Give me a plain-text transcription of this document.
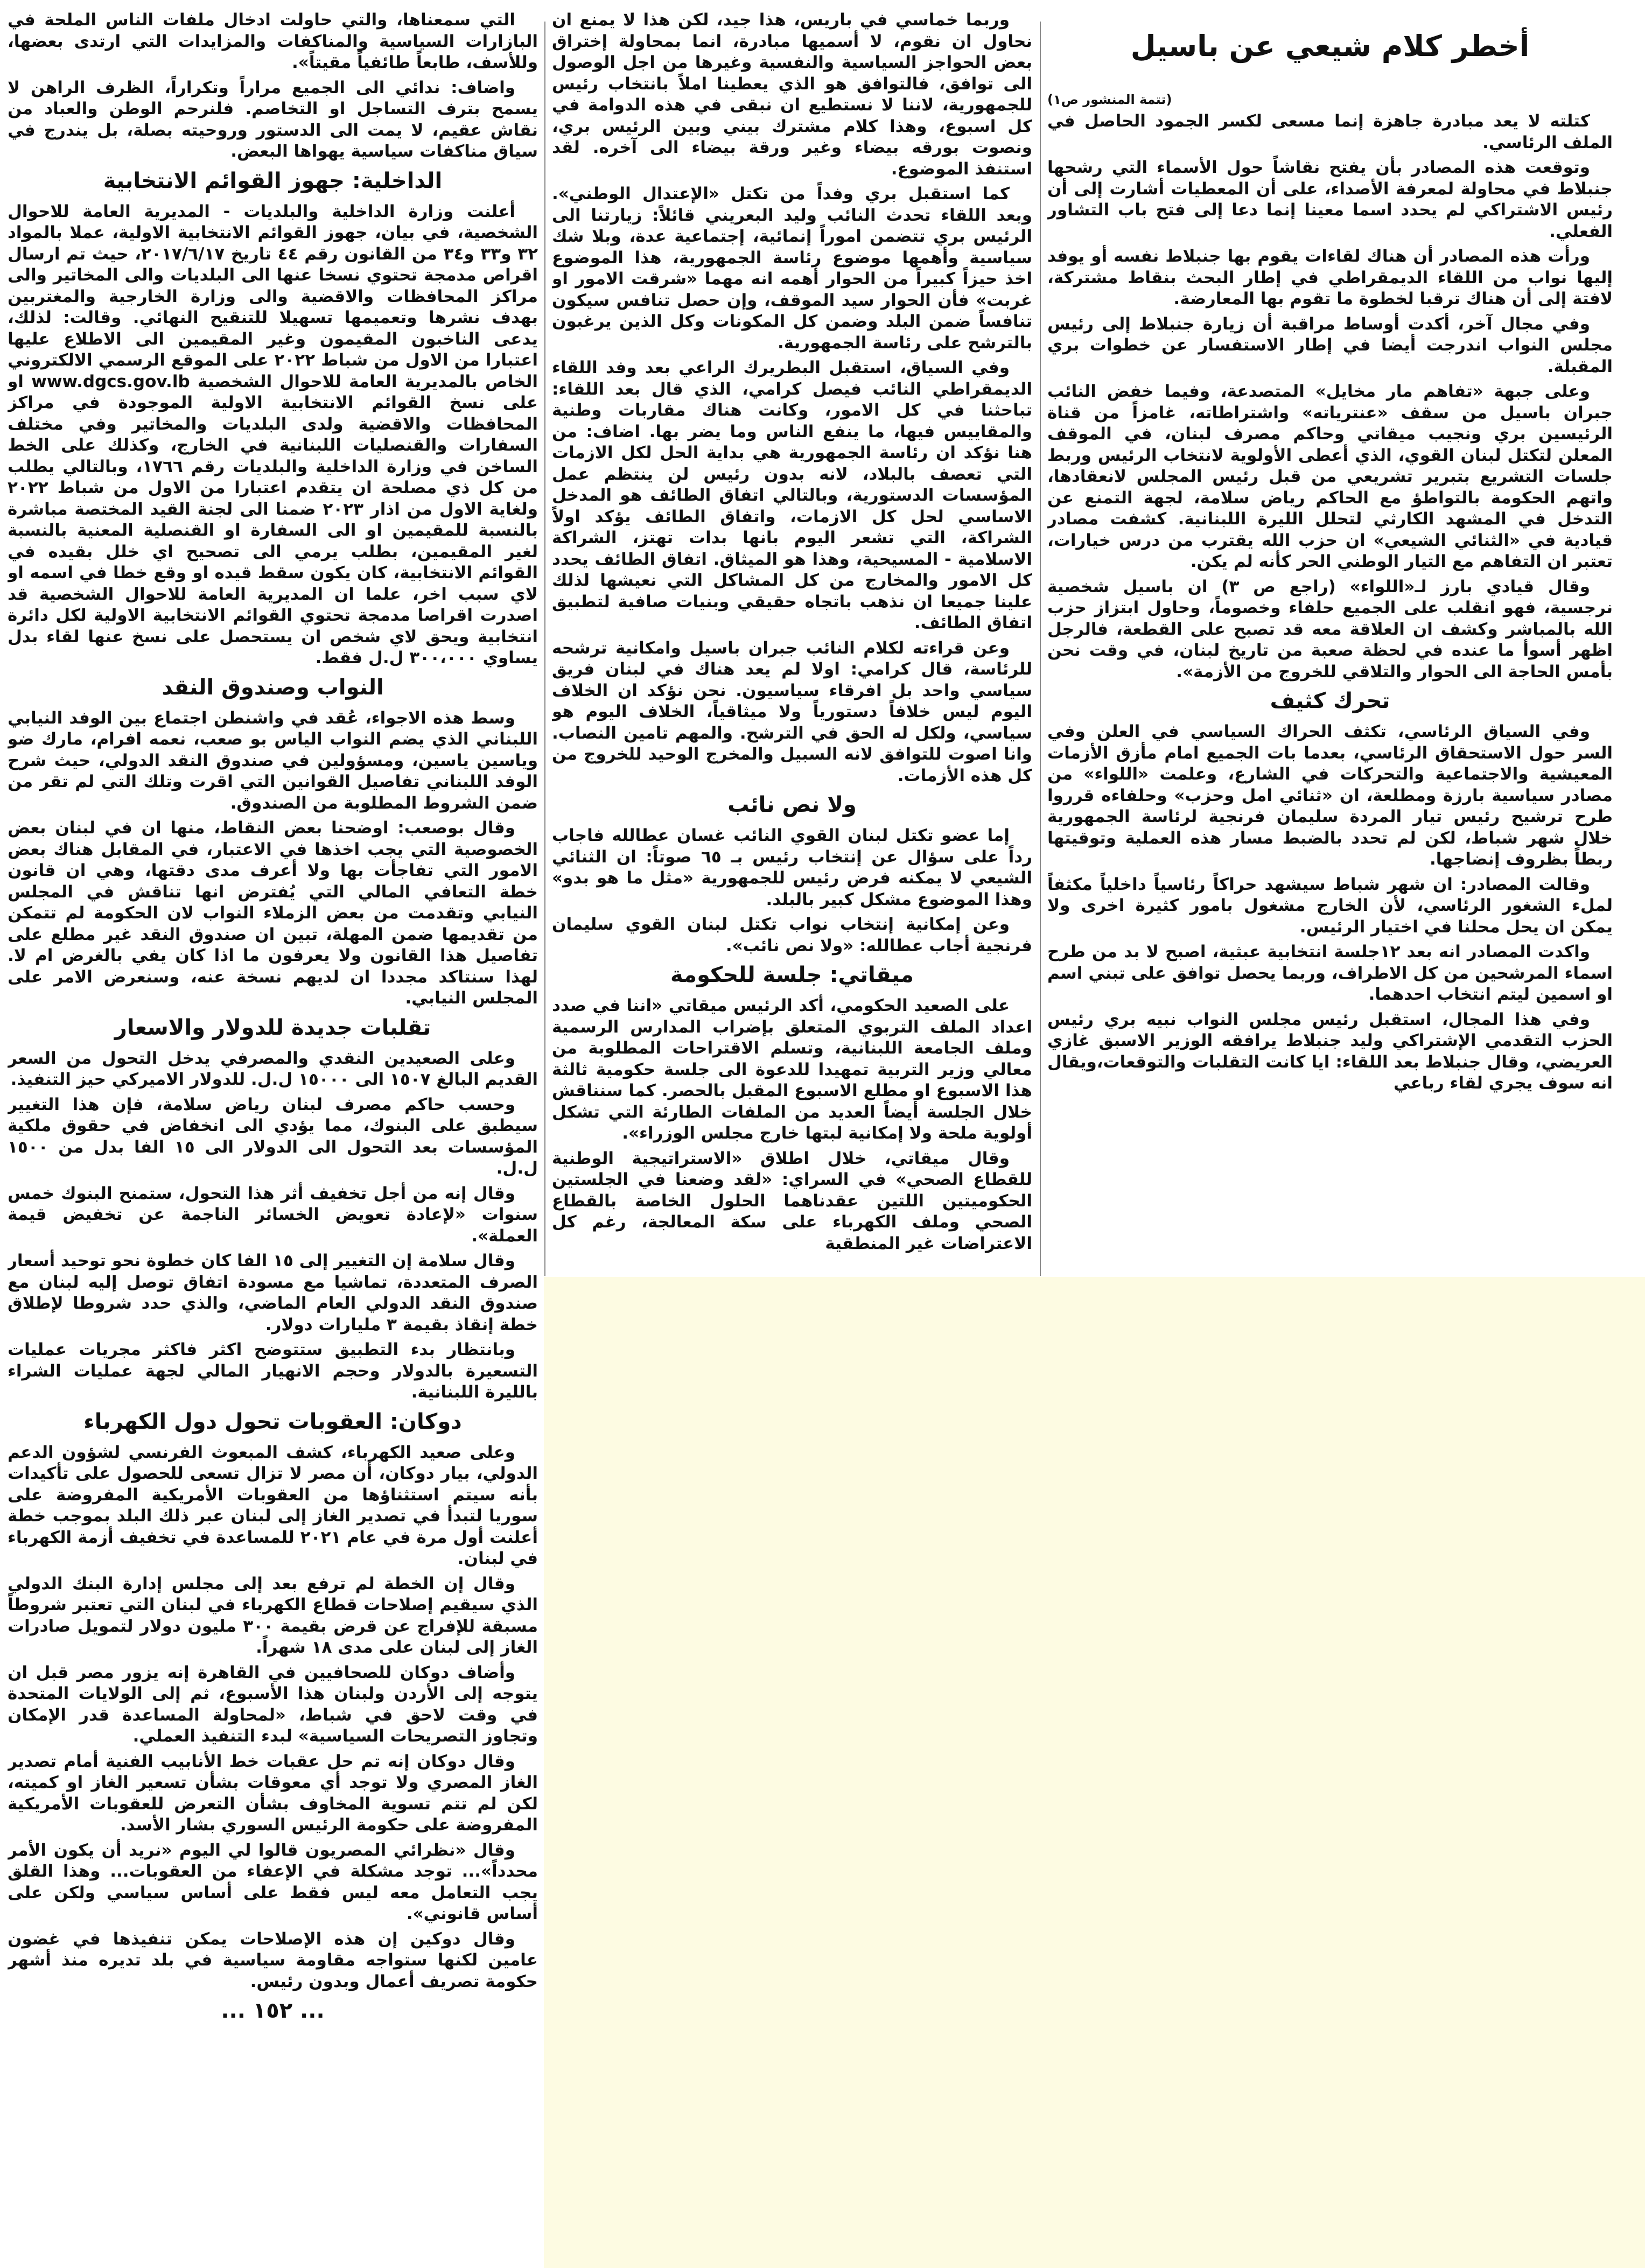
أخطر كلام شيعي عن باسيل

(تتمة المنشور ص١)

كتلته لا يعد مبادرة جاهزة إنما مسعى لكسر الجمود الحاصل في الملف الرئاسي.

وتوقعت هذه المصادر بأن يفتح نقاشاً حول الأسماء التي رشحها جنبلاط في محاولة لمعرفة الأصداء، على أن المعطيات أشارت إلى أن رئيس الاشتراكي لم يحدد اسما معينا إنما دعا إلى فتح باب التشاور الفعلي.

ورأت هذه المصادر أن هناك لقاءات يقوم بها جنبلاط نفسه أو يوفد إليها نواب من اللقاء الديمقراطي في إطار البحث بنقاط مشتركة، لافتة إلى أن هناك ترقبا لخطوة ما تقوم بها المعارضة.

وفي مجال آخر، أكدت أوساط مراقبة أن زيارة جنبلاط إلى رئيس مجلس النواب اندرجت أيضا في إطار الاستفسار عن خطوات بري المقبلة.

وعلى جبهة «تفاهم مار مخايل» المتصدعة، وفيما خفض النائب جبران باسيل من سقف «عنترياته» واشتراطاته، غامزاً من قناة الرئيسين بري ونجيب ميقاتي وحاكم مصرف لبنان، في الموقف المعلن لتكتل لبنان القوي، الذي أعطى الأولوية لانتخاب الرئيس وربط جلسات التشريع بتبرير تشريعي من قبل رئيس المجلس لانعقادها، واتهم الحكومة بالتواطؤ مع الحاكم رياض سلامة، لجهة التمنع عن التدخل في المشهد الكارثي لتحلل الليرة اللبنانية. كشفت مصادر قيادية في «الثنائي الشيعي» ان حزب الله يقترب من درس خيارات، تعتبر ان التفاهم مع التيار الوطني الحر كأنه لم يكن.

وقال قيادي بارز لـ«اللواء» (راجع ص ٣) ان باسيل شخصية نرجسية، فهو انقلب على الجميع حلفاء وخصوماً، وحاول ابتزاز حزب الله بالمباشر وكشف ان العلاقة معه قد تصبح على القطعة، فالرجل اظهر أسوأ ما عنده في لحظة صعبة من تاريخ لبنان، في وقت نحن بأمس الحاجة الى الحوار والتلاقي للخروج من الأزمة».

تحرك كثيف

وفي السياق الرئاسي، تكثف الحراك السياسي في العلن وفي السر حول الاستحقاق الرئاسي، بعدما بات الجميع امام مأزق الأزمات المعيشية والاجتماعية والتحركات في الشارع، وعلمت «اللواء» من مصادر سياسية بارزة ومطلعة، ان «ثنائي امل وحزب» وحلفاءه قرروا طرح ترشيح رئيس تيار المردة سليمان فرنجية لرئاسة الجمهورية خلال شهر شباط، لكن لم تحدد بالضبط مسار هذه العملية وتوقيتها ربطاً بظروف إنضاجها.

وقالت المصادر: ان شهر شباط سيشهد حراكاً رئاسياً داخلياً مكثفاً لملء الشغور الرئاسي، لأن الخارج مشغول بامور كثيرة اخرى ولا يمكن ان يحل محلنا في اختيار الرئيس.

واكدت المصادر انه بعد ١٢جلسة انتخابية عبثية، اصبح لا بد من طرح اسماء المرشحين من كل الاطراف، وربما يحصل توافق على تبني اسم او اسمين ليتم انتخاب احدهما.

وفي هذا المجال، استقبل رئيس مجلس النواب نبيه بري رئيس الحزب التقدمي الإشتراكي وليد جنبلاط يرافقه الوزير الاسبق غازي العريضي، وقال جنبلاط بعد اللقاء: ايا كانت التقلبات والتوقعات،ويقال انه سوف يجري لقاء رباعي

وربما خماسي في باريس، هذا جيد، لكن هذا لا يمنع ان نحاول ان نقوم، لا أسميها مبادرة، انما بمحاولة إختراق بعض الحواجز السياسية والنفسية وغيرها من اجل الوصول الى توافق، فالتوافق هو الذي يعطينا املاً بانتخاب رئيس للجمهورية، لاننا لا نستطيع ان نبقى في هذه الدوامة في كل اسبوع، وهذا كلام مشترك بيني وبين الرئيس بري، ونصوت بورقه بيضاء وغير ورقة بيضاء الى آخره. لقد استنفذ الموضوع.

كما استقبل بري وفداً من تكتل «الإعتدال الوطني». وبعد اللقاء تحدث النائب وليد البعريني قائلاً: زيارتنا الى الرئيس بري تتضمن اموراً إنمائية، إجتماعية عدة، وبلا شك سياسية وأهمها موضوع رئاسة الجمهورية، هذا الموضوع اخذ حيزاً كبيراً من الحوار أهمه انه مهما «شرقت الامور او غربت» فأن الحوار سيد الموقف، وإن حصل تنافس سيكون تنافساً ضمن البلد وضمن كل المكونات وكل الذين يرغبون بالترشح على رئاسة الجمهورية.

وفي السياق، استقبل البطريرك الراعي بعد وفد اللقاء الديمقراطي النائب فيصل كرامي، الذي قال بعد اللقاء: تباحثنا في كل الامور، وكانت هناك مقاربات وطنية والمقاييس فيها، ما ينفع الناس وما يضر بها. اضاف: من هنا نؤكد ان رئاسة الجمهورية هي بداية الحل لكل الازمات التي تعصف بالبلاد، لانه بدون رئيس لن ينتظم عمل المؤسسات الدستورية، وبالتالي اتفاق الطائف هو المدخل الاساسي لحل كل الازمات، واتفاق الطائف يؤكد اولاً الشراكة، التي تشعر اليوم بانها بدات تهتز، الشراكة الاسلامية - المسيحية، وهذا هو الميثاق. اتفاق الطائف يحدد كل الامور والمخارج من كل المشاكل التي نعيشها لذلك علينا جميعا ان نذهب باتجاه حقيقي وبنيات صافية لتطبيق اتفاق الطائف.

وعن قراءته لكلام النائب جبران باسيل وامكانية ترشحه للرئاسة، قال كرامي: اولا لم يعد هناك في لبنان فريق سياسي واحد بل افرقاء سياسيون. نحن نؤكد ان الخلاف اليوم ليس خلافاً دستورياً ولا ميثاقياً، الخلاف اليوم هو سياسي، ولكل له الحق في الترشح. والمهم تامين النصاب. وانا اصوت للتوافق لانه السبيل والمخرج الوحيد للخروج من كل هذه الأزمات.

ولا نص نائب

إما عضو تكتل لبنان القوي النائب غسان عطالله فاجاب رداً على سؤال عن إنتخاب رئيس بـ ٦٥ صوتاً: ان الثنائي الشيعي لا يمكنه فرض رئيس للجمهورية «مثل ما هو بدو» وهذا الموضوع مشكل كبير بالبلد.

وعن إمكانية إنتخاب نواب تكتل لبنان القوي سليمان فرنجية أجاب عطالله: «ولا نص نائب».

ميقاتي: جلسة للحكومة

على الصعيد الحكومي، أكد الرئيس ميقاتي «اننا في صدد اعداد الملف التربوي المتعلق بإضراب المدارس الرسمية وملف الجامعة اللبنانية، وتسلم الاقتراحات المطلوبة من معالي وزير التربية تمهيدا للدعوة الى جلسة حكومية ثالثة هذا الاسبوع او مطلع الاسبوع المقبل بالحصر. كما سنناقش خلال الجلسة أيضاً العديد من الملفات الطارئة التي تشكل أولوية ملحة ولا إمكانية لبتها خارج مجلس الوزراء».

وقال ميقاتي، خلال اطلاق «الاستراتيجية الوطنية للقطاع الصحي» في السراي: «لقد وضعنا في الجلستين الحكوميتين اللتين عقدناهما الحلول الخاصة بالقطاع الصحي وملف الكهرباء على سكة المعالجة، رغم كل الاعتراضات غير المنطقية

التي سمعناها، والتي حاولت ادخال ملفات الناس الملحة في البازارات السياسية والمناكفات والمزايدات التي ارتدى بعضها، وللأسف، طابعاً طائفياً مقيتاً».

واضاف: ندائي الى الجميع مراراً وتكراراً، الظرف الراهن لا يسمح بترف التساجل او التخاصم. فلنرحم الوطن والعباد من نقاش عقيم، لا يمت الى الدستور وروحيته بصلة، بل يندرج في سياق مناكفات سياسية يهواها البعض.

الداخلية: جهوز القوائم الانتخابية

أعلنت وزارة الداخلية والبلديات - المديرية العامة للاحوال الشخصية، في بيان، جهوز القوائم الانتخابية الاولية، عملا بالمواد ٣٢ و٣٣ و٣٤ من القانون رقم ٤٤ تاريخ ٢٠١٧/٦/١٧، حيث تم ارسال اقراص مدمجة تحتوي نسخا عنها الى البلديات والى المخاتير والى مراكز المحافظات والاقضية والى وزارة الخارجية والمغتربين بهدف نشرها وتعميمها تسهيلا للتنقيح النهائي. وقالت: لذلك، يدعى الناخبون المقيمون وغير المقيمين الى الاطلاع عليها اعتبارا من الاول من شباط ٢٠٢٢ على الموقع الرسمي الالكتروني الخاص بالمديرية العامة للاحوال الشخصية www.dgcs.gov.lb او على نسخ القوائم الانتخابية الاولية الموجودة في مراكز المحافظات والاقضية ولدى البلديات والمخاتير وفي مختلف السفارات والقنصليات اللبنانية في الخارج، وكذلك على الخط الساخن في وزارة الداخلية والبلديات رقم ١٧٦٦، وبالتالي يطلب من كل ذي مصلحة ان يتقدم اعتبارا من الاول من شباط ٢٠٢٢ ولغاية الاول من اذار ٢٠٢٣ ضمنا الى لجنة القيد المختصة مباشرة بالنسبة للمقيمين او الى السفارة او القنصلية المعنية بالنسبة لغير المقيمين، بطلب يرمي الى تصحيح اي خلل بقيده في القوائم الانتخابية، كان يكون سقط قيده او وقع خطا في اسمه او لاي سبب اخر، علما ان المديرية العامة للاحوال الشخصية قد اصدرت اقراصا مدمجة تحتوي القوائم الانتخابية الاولية لكل دائرة انتخابية ويحق لاي شخص ان يستحصل على نسخ عنها لقاء بدل يساوي ٣٠٠،٠٠٠ ل.ل فقط.

النواب وصندوق النقد

وسط هذه الاجواء، عُقد في واشنطن اجتماع بين الوفد النيابي اللبناني الذي يضم النواب الياس بو صعب، نعمه افرام، مارك ضو وياسين ياسين، ومسؤولين في صندوق النقد الدولي، حيث شرح الوفد اللبناني تفاصيل القوانين التي اقرت وتلك التي لم تقر من ضمن الشروط المطلوبة من الصندوق.

وقال بوصعب: اوضحنا بعض النقاط، منها ان في لبنان بعض الخصوصية التي يجب اخذها في الاعتبار، في المقابل هناك بعض الامور التي تفاجأت بها ولا أعرف مدى دقتها، وهي ان قانون خطة التعافي المالي التي يُفترض انها تناقش في المجلس النيابي وتقدمت من بعض الزملاء النواب لان الحكومة لم تتمكن من تقديمها ضمن المهلة، تبين ان صندوق النقد غير مطلع على تفاصيل هذا القانون ولا يعرفون ما اذا كان يفي بالغرض ام لا. لهذا سنتاكد مجددا ان لديهم نسخة عنه، وسنعرض الامر على المجلس النيابي.

تقلبات جديدة للدولار والاسعار

وعلى الصعيدين النقدي والمصرفي يدخل التحول من السعر القديم البالغ ١٥٠٧ الى ١٥٠٠٠ ل.ل. للدولار الاميركي حيز التنفيذ.

وحسب حاكم مصرف لبنان رياض سلامة، فإن هذا التغيير سيطبق على البنوك، مما يؤدي الى انخفاض في حقوق ملكية المؤسسات بعد التحول الى الدولار الى ١٥ الفا بدل من ١٥٠٠ ل.ل.

وقال إنه من أجل تخفيف أثر هذا التحول، ستمنح البنوك خمس سنوات «لإعادة تعويض الخسائر الناجمة عن تخفيض قيمة العملة».

وقال سلامة إن التغيير إلى ١٥ الفا كان خطوة نحو توحيد أسعار الصرف المتعددة، تماشيا مع مسودة اتفاق توصل إليه لبنان مع صندوق النقد الدولي العام الماضي، والذي حدد شروطا لإطلاق خطة إنقاذ بقيمة ٣ مليارات دولار.

وبانتظار بدء التطبيق ستتوضح اكثر فاكثر مجريات عمليات التسعيرة بالدولار وحجم الانهيار المالي لجهة عمليات الشراء بالليرة اللبنانية.

دوكان: العقوبات تحول دول الكهرباء

وعلى صعيد الكهرباء، كشف المبعوث الفرنسي لشؤون الدعم الدولي، بيار دوكان، أن مصر لا تزال تسعى للحصول على تأكيدات بأنه سيتم استثناؤها من العقوبات الأمريكية المفروضة على سوريا لتبدأ في تصدير الغاز إلى لبنان عبر ذلك البلد بموجب خطة أعلنت أول مرة في عام ٢٠٢١ للمساعدة في تخفيف أزمة الكهرباء في لبنان.

وقال إن الخطة لم ترفع بعد إلى مجلس إدارة البنك الدولي الذي سيقيم إصلاحات قطاع الكهرباء في لبنان التي تعتبر شروطاً مسبقة للإفراج عن قرض بقيمة ٣٠٠ مليون دولار لتمويل صادرات الغاز إلى لبنان على مدى ١٨ شهراً.

وأضاف دوكان للصحافيين في القاهرة إنه يزور مصر قبل ان يتوجه إلى الأردن ولبنان هذا الأسبوع، ثم إلى الولايات المتحدة في وقت لاحق في شباط، «لمحاولة المساعدة قدر الإمكان وتجاوز التصريحات السياسية» لبدء التنفيذ العملي.

وقال دوكان إنه تم حل عقبات خط الأنابيب الفنية أمام تصدير الغاز المصري ولا توجد أي معوقات بشأن تسعير الغاز او كميته، لكن لم تتم تسوية المخاوف بشأن التعرض للعقوبات الأمريكية المفروضة على حكومة الرئيس السوري بشار الأسد.

وقال «نظرائي المصريون قالوا لي اليوم «نريد أن يكون الأمر محدداً»... توجد مشكلة في الإعفاء من العقوبات... وهذا القلق يجب التعامل معه ليس فقط على أساس سياسي ولكن على أساس قانوني».

وقال دوكين إن هذه الإصلاحات يمكن تنفيذها في غضون عامين لكنها ستواجه مقاومة سياسية في بلد تديره منذ أشهر حكومة تصريف أعمال وبدون رئيس.

... ١٥٢ ...
